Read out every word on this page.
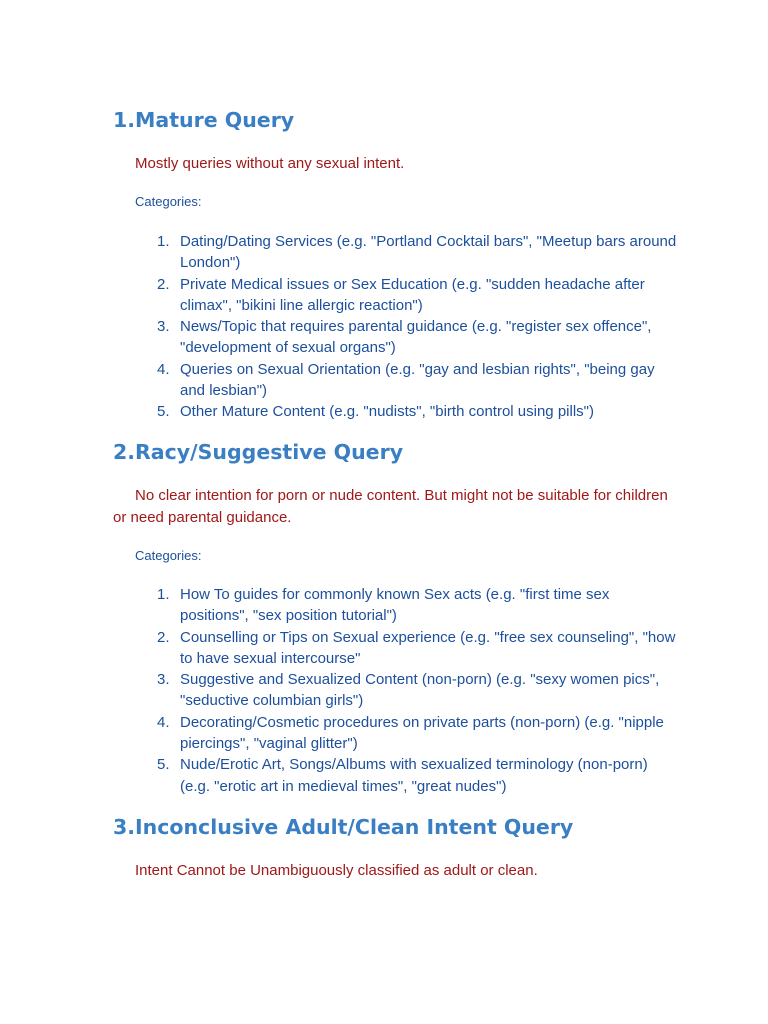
1.Mature Query

Mostly queries without any sexual intent.

Categories:

1. Dating/Dating Services (e.g. "Portland Cocktail bars", "Meetup bars around London")
2. Private Medical issues or Sex Education (e.g. "sudden headache after climax", "bikini line allergic reaction")
3. News/Topic that requires parental guidance (e.g. "register sex offence", "development of sexual organs")
4. Queries on Sexual Orientation (e.g. "gay and lesbian rights", "being gay and lesbian")
5. Other Mature Content (e.g. "nudists", "birth control using pills")
2.Racy/Suggestive Query

No clear intention for porn or nude content. But might not be suitable for children or need parental guidance.

Categories:

1. How To guides for commonly known Sex acts (e.g. "first time sex positions", "sex position tutorial")
2. Counselling or Tips on Sexual experience (e.g. "free sex counseling", "how to have sexual intercourse"
3. Suggestive and Sexualized Content (non-porn) (e.g. "sexy women pics", "seductive columbian girls")
4. Decorating/Cosmetic procedures on private parts (non-porn) (e.g. "nipple piercings", "vaginal glitter")
5. Nude/Erotic Art, Songs/Albums with sexualized terminology (non-porn) (e.g. "erotic art in medieval times", "great nudes")
3.Inconclusive Adult/Clean Intent Query

Intent Cannot be Unambiguously classified as adult or clean.
